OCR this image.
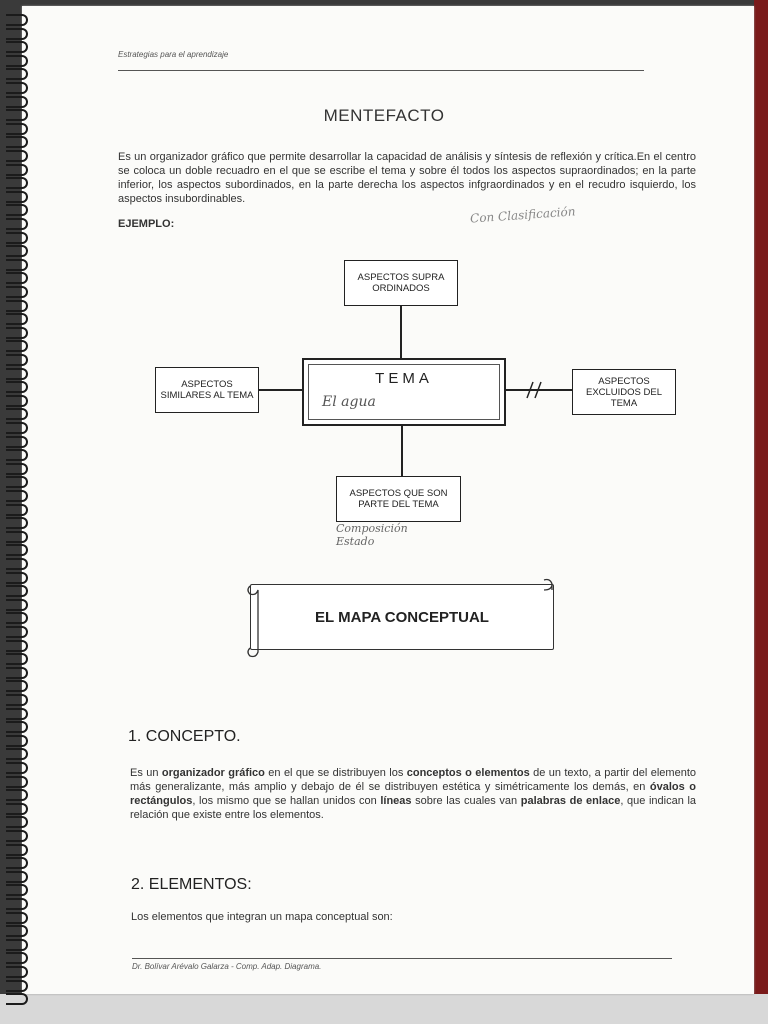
Estrategias para el aprendizaje
MENTEFACTO
Es un organizador gráfico que permite desarrollar la capacidad de análisis y síntesis de reflexión y crítica.En el centro se coloca un doble recuadro en el que se escribe el tema y sobre él todos los aspectos supraordinados; en la parte inferior, los aspectos subordinados, en la parte derecha los aspectos infgraordinados y en el recudro isquierdo, los aspectos insubordinables.
EJEMPLO:	Con Clasificación
ASPECTOS SUPRA ORDINADOS
ASPECTOS SIMILARES AL TEMA
ASPECTOS EXCLUIDOS DEL TEMA
ASPECTOS QUE SON PARTE DEL TEMA
TEMA
El agua
Composición Estado
EL MAPA CONCEPTUAL
1. CONCEPTO.
Es un organizador gráfico en el que se distribuyen los conceptos o elementos de un texto, a partir del elemento más generalizante, más amplio y debajo de él se distribuyen estética y simétricamente los demás, en óvalos o rectángulos, los mismo que se hallan unidos con líneas sobre las cuales van palabras de enlace, que indican la relación que existe entre los elementos.
2. ELEMENTOS:
Los elementos que integran un mapa conceptual son:
Dr. Bolívar Arévalo Galarza - Comp. Adap. Diagrama.
